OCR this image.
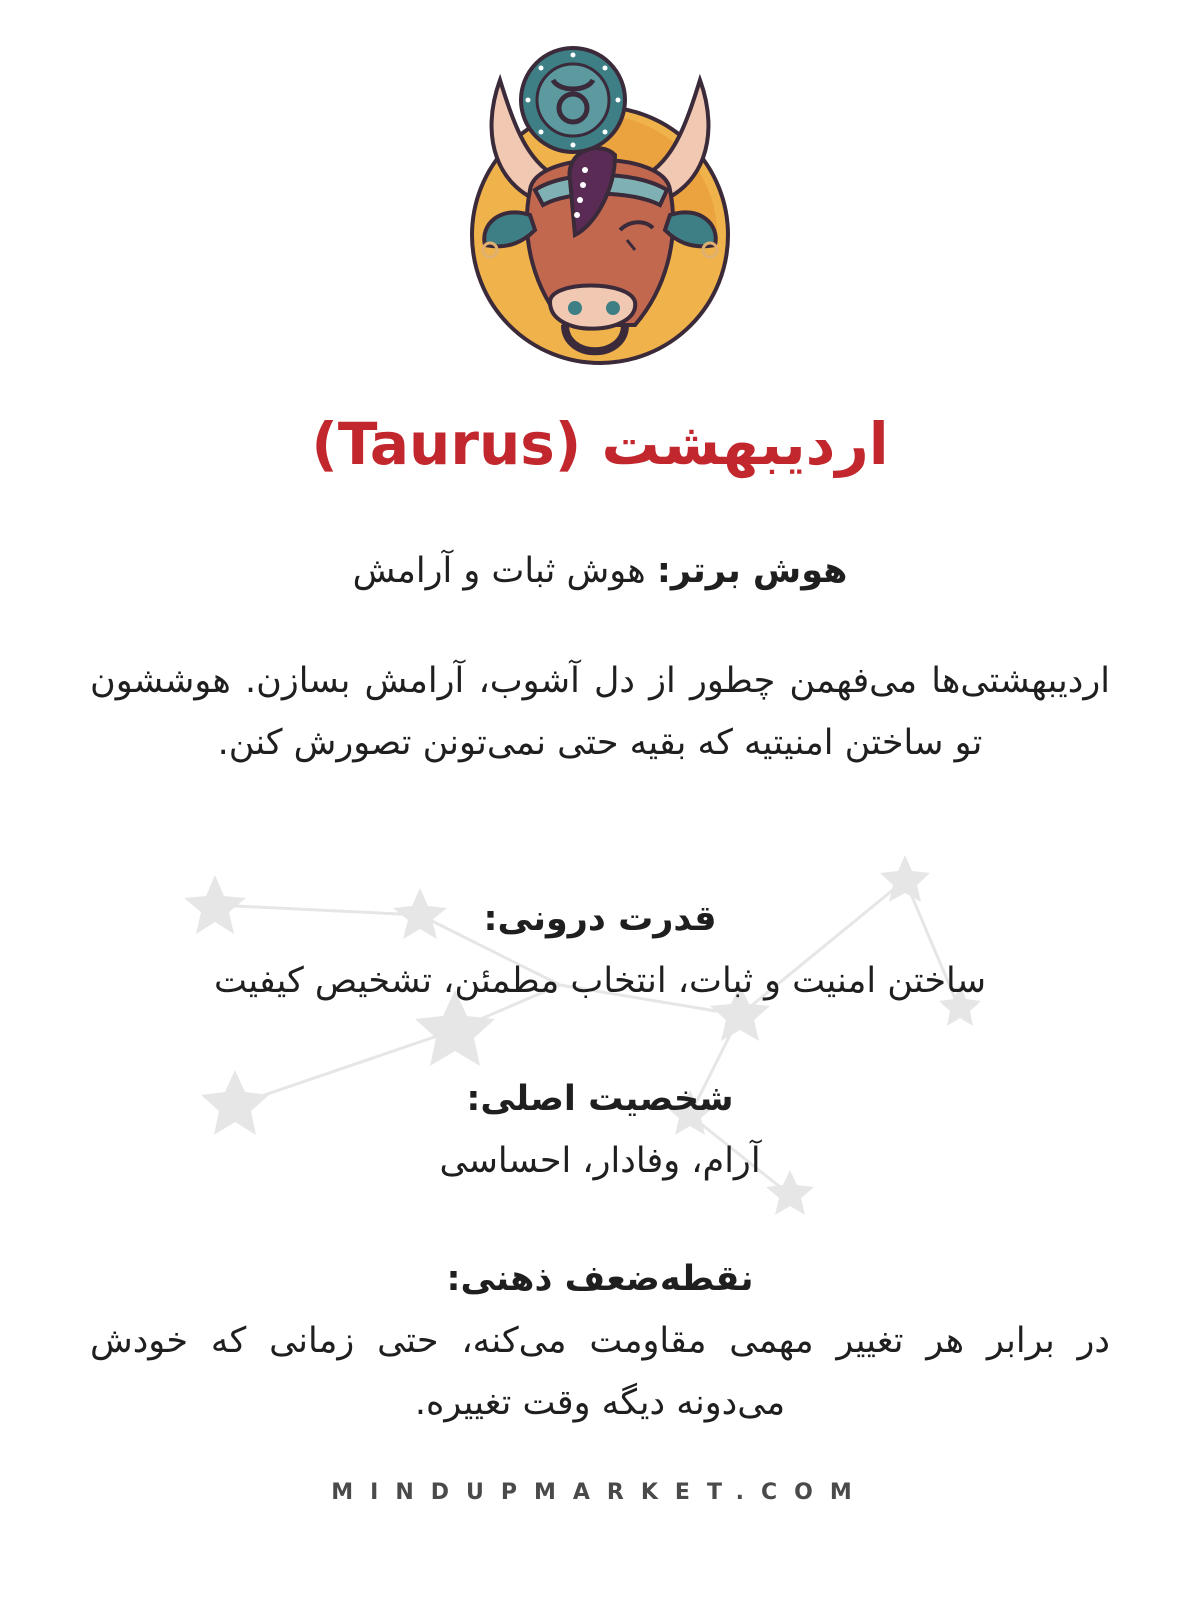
اردیبهشت (Taurus)

هوش برتر: هوش ثبات و آرامش

اردیبهشتی‌ها می‌فهمن چطور از دل آشوب، آرامش بسازن. هوششون تو ساختن امنیتیه که بقیه حتی نمی‌تونن تصورش کنن.

قدرت درونی:

ساختن امنیت و ثبات، انتخاب مطمئن، تشخیص کیفیت

شخصیت اصلی:

آرام، وفادار، احساسی

نقطه‌ضعف ذهنی:

در برابر هر تغییر مهمی مقاومت می‌کنه، حتی زمانی که خودش می‌دونه دیگه وقت تغییره.

MINDUPMARKET.COM
